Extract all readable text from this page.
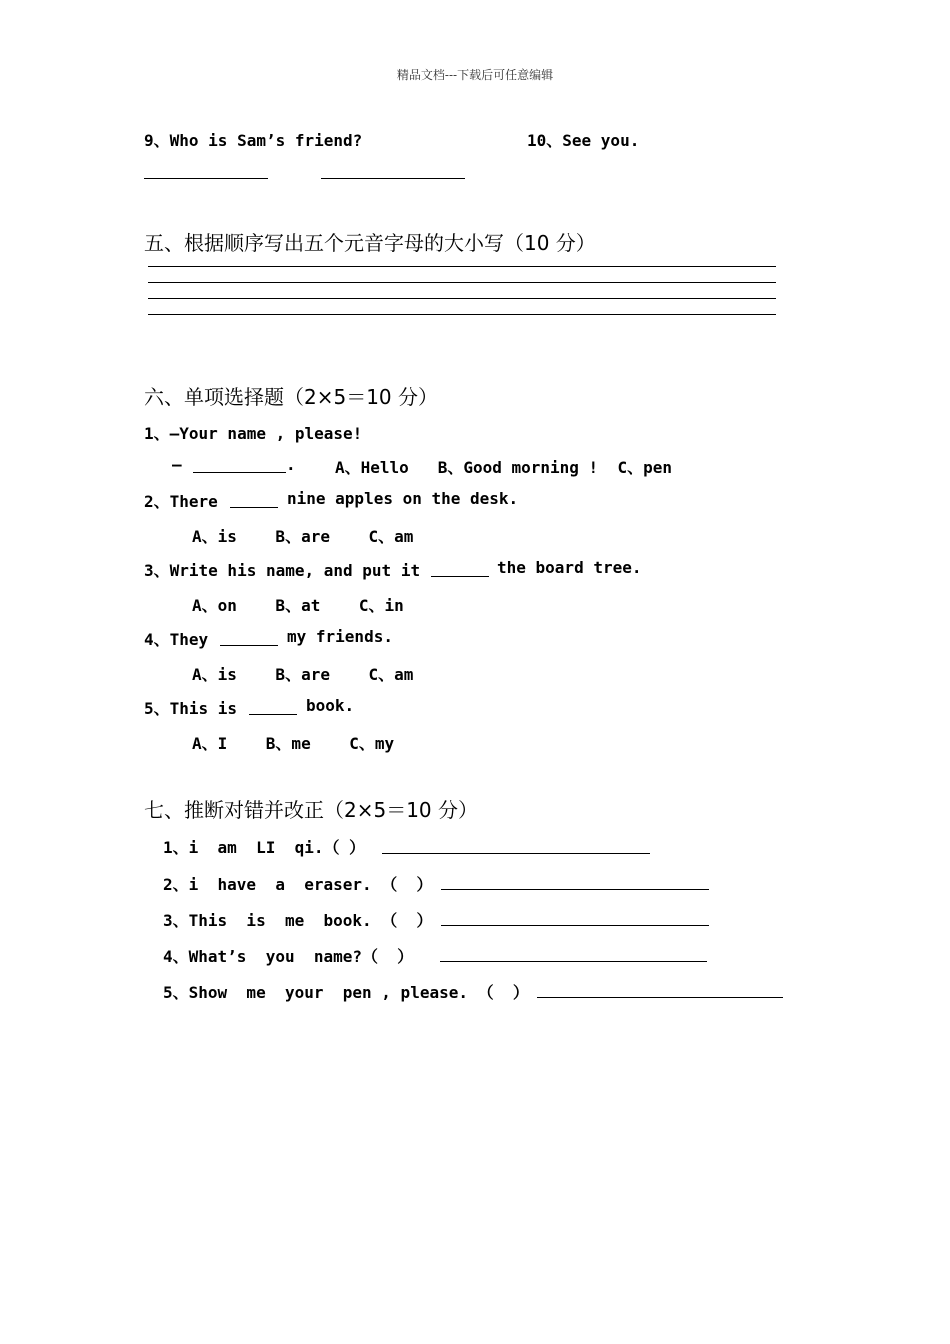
精品文档---下载后可任意编辑
9、Who is Sam’s friend?	10、See you.
五、根据顺序写出五个元音字母的大小写（10 分）
六、单项选择题（2×5＝10 分）
1、—Your name , please!
—	. A、Hello   B、Good morning !  C、pen
2、There	nine apples on the desk.
A、is    B、are    C、am
3、Write his name, and put it	the board tree.
A、on    B、at    C、in
4、They	my friends.
A、is    B、are    C、am
5、This is	book.
A、I    B、me    C、my
七、推断对错并改正（2×5＝10 分）
1、i  am  LI  qi.（ ）
2、i  have  a  eraser. （  ）
3、This  is  me  book. （  ）
4、What’s  you  name?（  ）
5、Show  me  your  pen , please. （  ）
